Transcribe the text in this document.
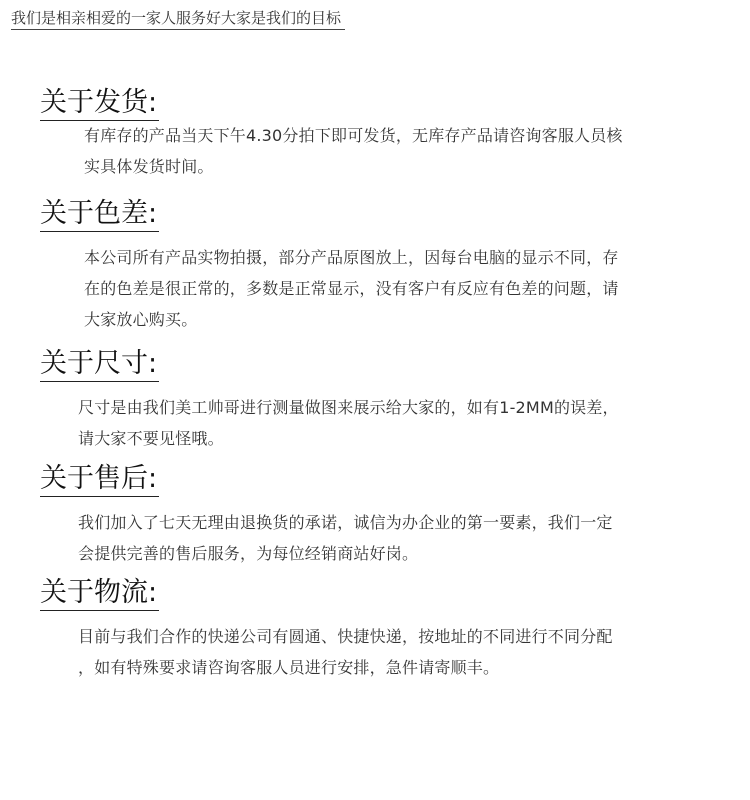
我们是相亲相爱的一家人服务好大家是我们的目标
关于发货:
有库存的产品当天下午4.30分拍下即可发货，无库存产品请咨询客服人员核
实具体发货时间。
关于色差:
本公司所有产品实物拍摄，部分产品原图放上，因每台电脑的显示不同，存
在的色差是很正常的，多数是正常显示，没有客户有反应有色差的问题，请
大家放心购买。
关于尺寸:
尺寸是由我们美工帅哥进行测量做图来展示给大家的，如有1-2MM的误差，
请大家不要见怪哦。
关于售后:
我们加入了七天无理由退换货的承诺，诚信为办企业的第一要素，我们一定
会提供完善的售后服务，为每位经销商站好岗。
关于物流:
目前与我们合作的快递公司有圆通、快捷快递，按地址的不同进行不同分配
，如有特殊要求请咨询客服人员进行安排，急件请寄顺丰。
